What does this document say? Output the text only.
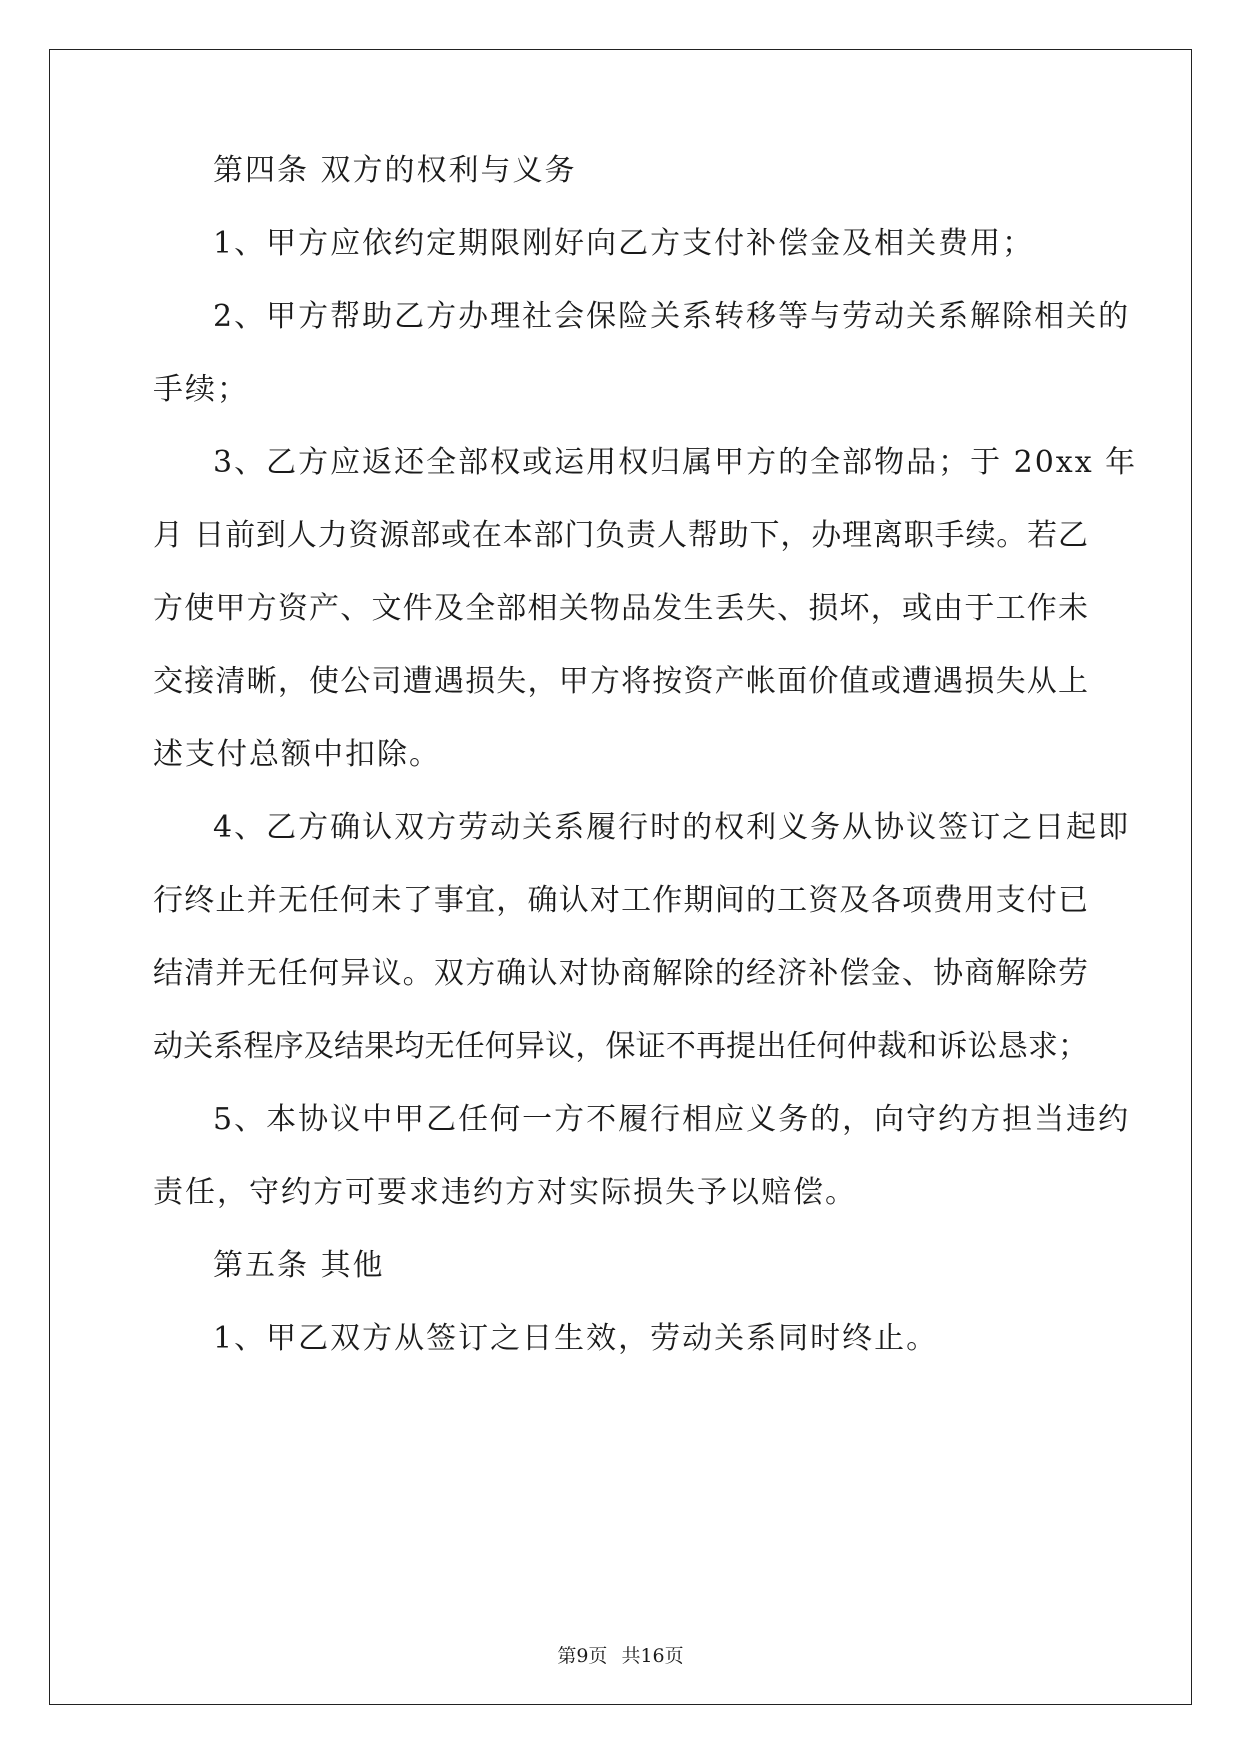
第四条 双方的权利与义务
1、甲方应依约定期限刚好向乙方支付补偿金及相关费用；
2、甲方帮助乙方办理社会保险关系转移等与劳动关系解除相关的
手续；
3、乙方应返还全部权或运用权归属甲方的全部物品；于 20xx 年
月 日前到人力资源部或在本部门负责人帮助下，办理离职手续。若乙
方使甲方资产、文件及全部相关物品发生丢失、损坏，或由于工作未
交接清晰，使公司遭遇损失，甲方将按资产帐面价值或遭遇损失从上
述支付总额中扣除。
4、乙方确认双方劳动关系履行时的权利义务从协议签订之日起即
行终止并无任何未了事宜，确认对工作期间的工资及各项费用支付已
结清并无任何异议。双方确认对协商解除的经济补偿金、协商解除劳
动关系程序及结果均无任何异议，保证不再提出任何仲裁和诉讼恳求；
5、本协议中甲乙任何一方不履行相应义务的，向守约方担当违约
责任，守约方可要求违约方对实际损失予以赔偿。
第五条 其他
1、甲乙双方从签订之日生效，劳动关系同时终止。
第9页 共16页
